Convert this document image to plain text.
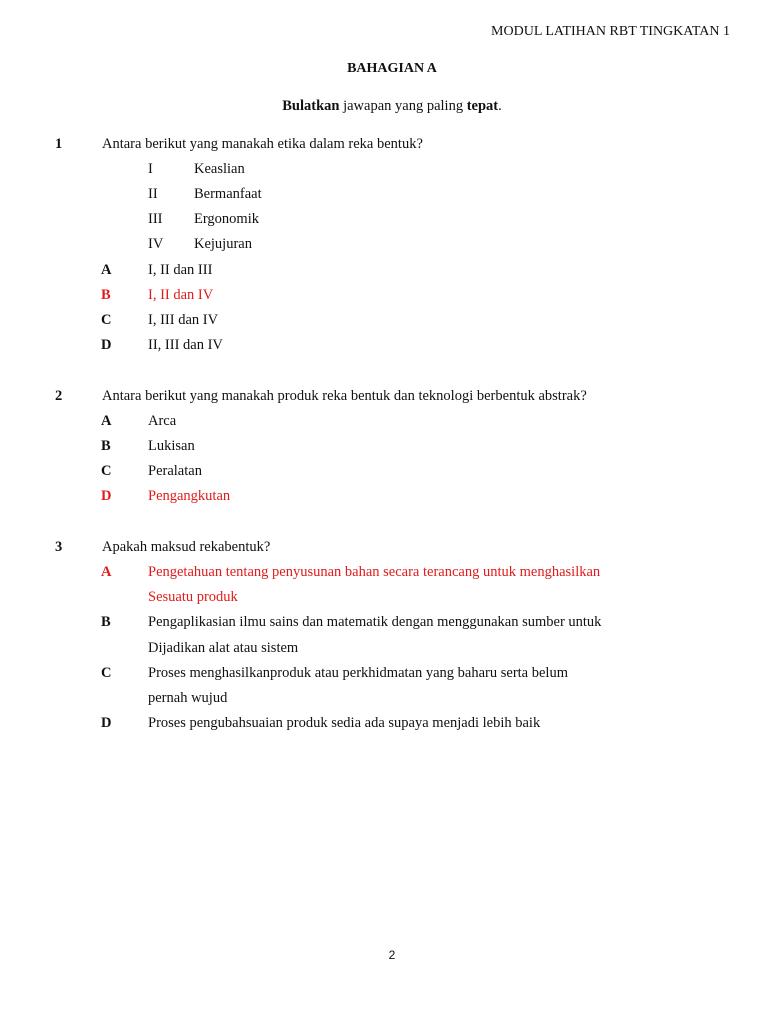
MODUL LATIHAN RBT TINGKATAN 1
BAHAGIAN A
Bulatkan jawapan yang paling tepat.
1	Antara berikut yang manakah etika dalam reka bentuk?
I	Keaslian
II	Bermanfaat
III Ergonomik
IV Kejujuran
A	I, II dan III
B	I, II dan IV
C	I, III dan IV
D	II, III dan IV
2	Antara berikut yang manakah produk reka bentuk dan teknologi berbentuk abstrak?
A	Arca
B	Lukisan
C	Peralatan
D	Pengangkutan
3	Apakah maksud rekabentuk?
A	Pengetahuan tentang penyusunan bahan secara terancang untuk menghasilkan
Sesuatu produk
B	Pengaplikasian ilmu sains dan matematik dengan menggunakan sumber untuk
Dijadikan alat atau sistem
C	Proses menghasilkanproduk atau perkhidmatan yang baharu serta belum
pernah wujud
D	Proses pengubahsuaian produk sedia ada supaya menjadi lebih baik
2
